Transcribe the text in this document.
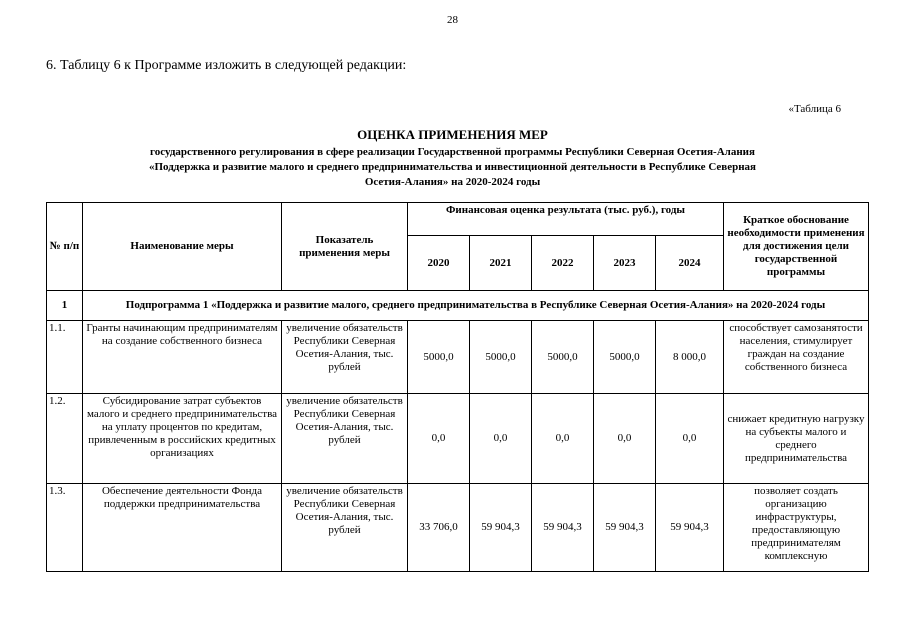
28
6. Таблицу 6 к Программе изложить в следующей редакции:
«Таблица 6
ОЦЕНКА ПРИМЕНЕНИЯ МЕР
государственного регулирования в сфере реализации Государственной программы Республики Северная Осетия-Алания
«Поддержка и развитие малого и среднего предпринимательства и инвестиционной деятельности в Республике Северная
Осетия-Алания» на 2020-2024 годы
№ п/п	Наименование меры	Показатель применения меры	Финансовая оценка результата (тыс. руб.), годы					Краткое обоснование необходимости применения для достижения цели государственной программы
			2020	2021	2022	2023	2024	
1	Подпрограмма 1 «Поддержка и развитие малого, среднего предпринимательства в Республике Северная Осетия-Алания» на 2020-2024 годы							
1.1.	Гранты начинающим предпринимателям на создание собственного бизнеса	увеличение обязательств Республики Северная Осетия-Алания, тыс. рублей	5000,0	5000,0	5000,0	5000,0	8 000,0	способствует самозанятости населения, стимулирует граждан на создание собственного бизнеса
1.2.	Субсидирование затрат субъектов малого и среднего предпринимательства на уплату процентов по кредитам, привлеченным в российских кредитных организациях	увеличение обязательств Республики Северная Осетия-Алания, тыс. рублей	0,0	0,0	0,0	0,0	0,0	снижает кредитную нагрузку на субъекты малого и среднего предпринимательства
1.3.	Обеспечение деятельности Фонда поддержки предпринимательства	увеличение обязательств Республики Северная Осетия-Алания, тыс. рублей	33 706,0	59 904,3	59 904,3	59 904,3	59 904,3	позволяет создать организацию инфраструктуры, предоставляющую предпринимателям комплексную
